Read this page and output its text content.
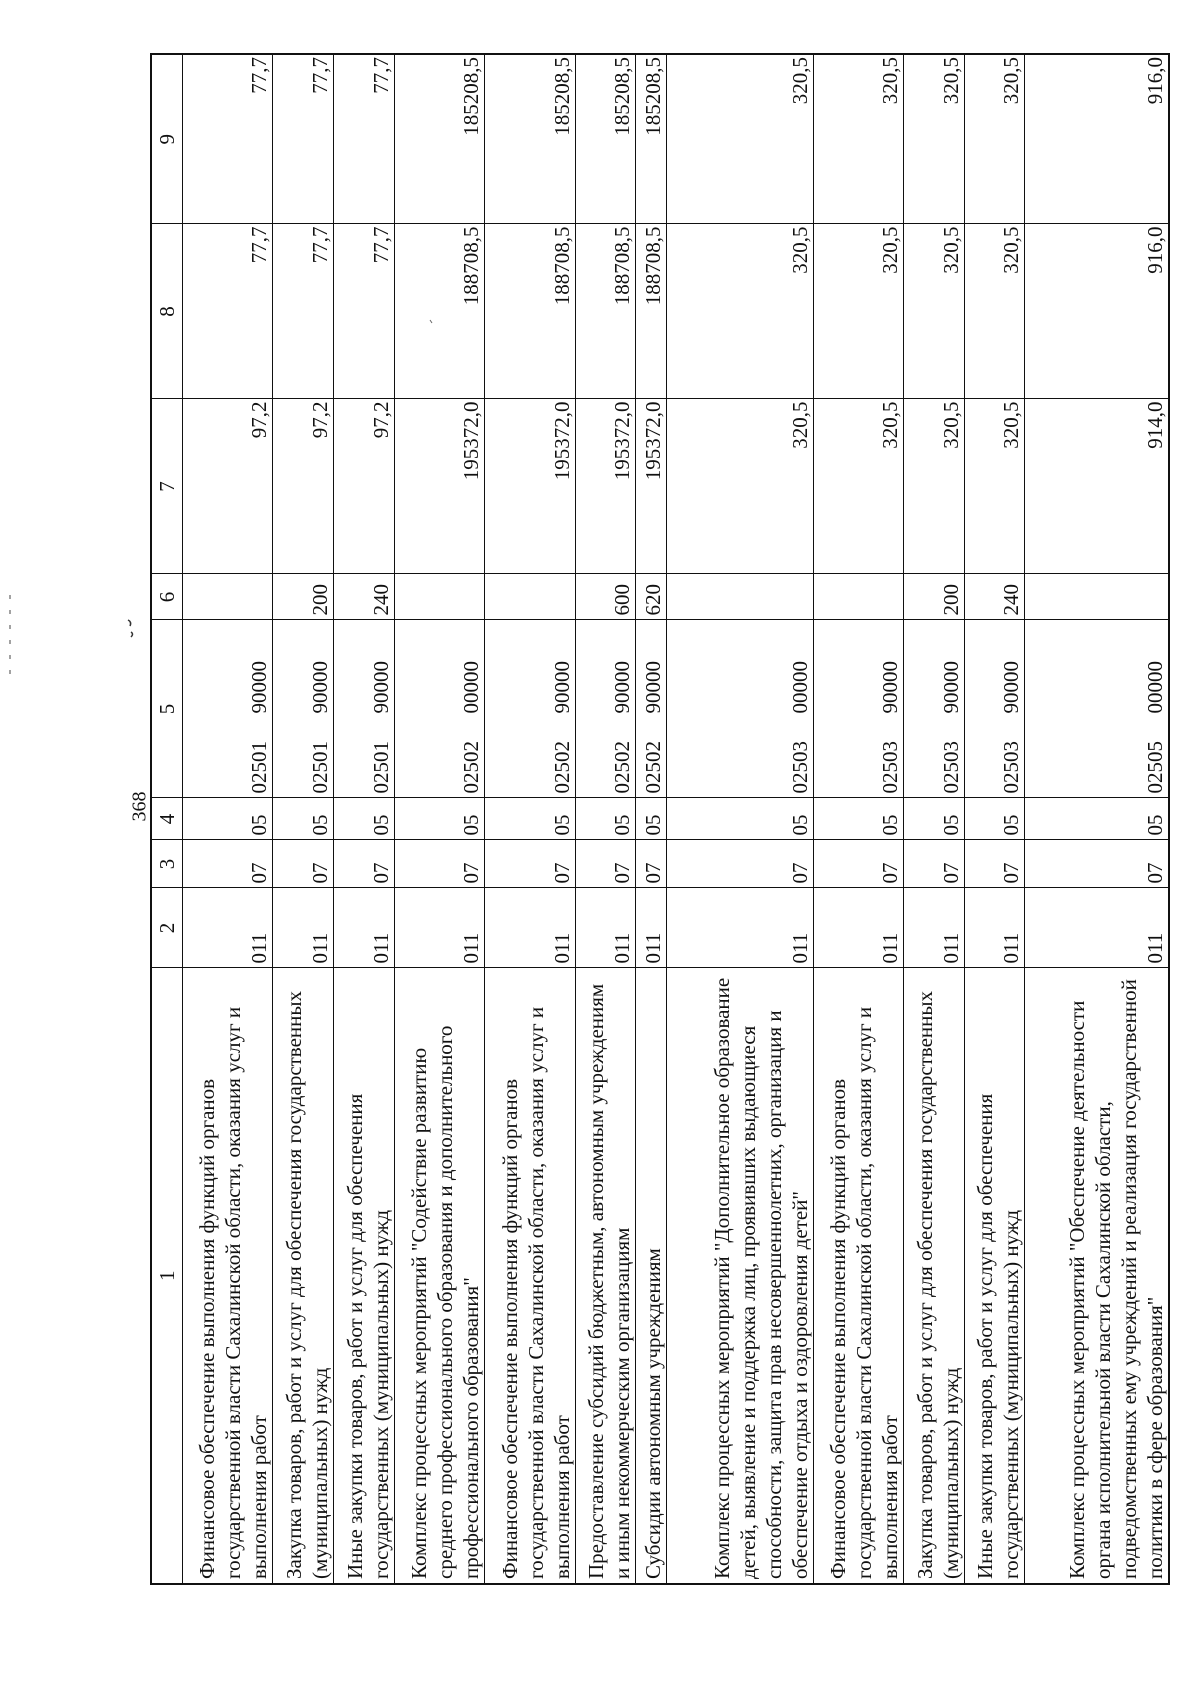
368
1	2	3	4	5	6	7	8	9
Финансовое обеспечение выполнения функций органов государственной власти Сахалинской области, оказания услуг и выполнения работ	011	07	05	0250190000		97,2	77,7	77,7
Закупка товаров, работ и услуг для обеспечения государственных (муниципальных) нужд	011	07	05	0250190000	200	97,2	77,7	77,7
Иные закупки товаров, работ и услуг для обеспечения государственных (муниципальных) нужд	011	07	05	0250190000	240	97,2	77,7	77,7
Комплекс процессных мероприятий "Содействие развитию среднего профессионального образования и дополнительного профессионального образования"	011	07	05	0250200000		195372,0	188708,5	185208,5
Финансовое обеспечение выполнения функций органов государственной власти Сахалинской области, оказания услуг и выполнения работ	011	07	05	0250290000		195372,0	188708,5	185208,5
Предоставление субсидий бюджетным, автономным учреждениям и иным некоммерческим организациям	011	07	05	0250290000	600	195372,0	188708,5	185208,5
Субсидии автономным учреждениям	011	07	05	0250290000	620	195372,0	188708,5	185208,5
Комплекс процессных мероприятий "Дополнительное образование детей, выявление и поддержка лиц, проявивших выдающиеся способности, защита прав несовершеннолетних, организация и обеспечение отдыха и оздоровления детей"	011	07	05	0250300000		320,5	320,5	320,5
Финансовое обеспечение выполнения функций органов государственной власти Сахалинской области, оказания услуг и выполнения работ	011	07	05	0250390000		320,5	320,5	320,5
Закупка товаров, работ и услуг для обеспечения государственных (муниципальных) нужд	011	07	05	0250390000	200	320,5	320,5	320,5
Иные закупки товаров, работ и услуг для обеспечения государственных (муниципальных) нужд	011	07	05	0250390000	240	320,5	320,5	320,5
Комплекс процессных мероприятий "Обеспечение деятельности органа исполнительной власти Сахалинской области, подведомственных ему учреждений и реализация государственной политики в сфере образования"	011	07	05	0250500000		914,0	916,0	916,0
